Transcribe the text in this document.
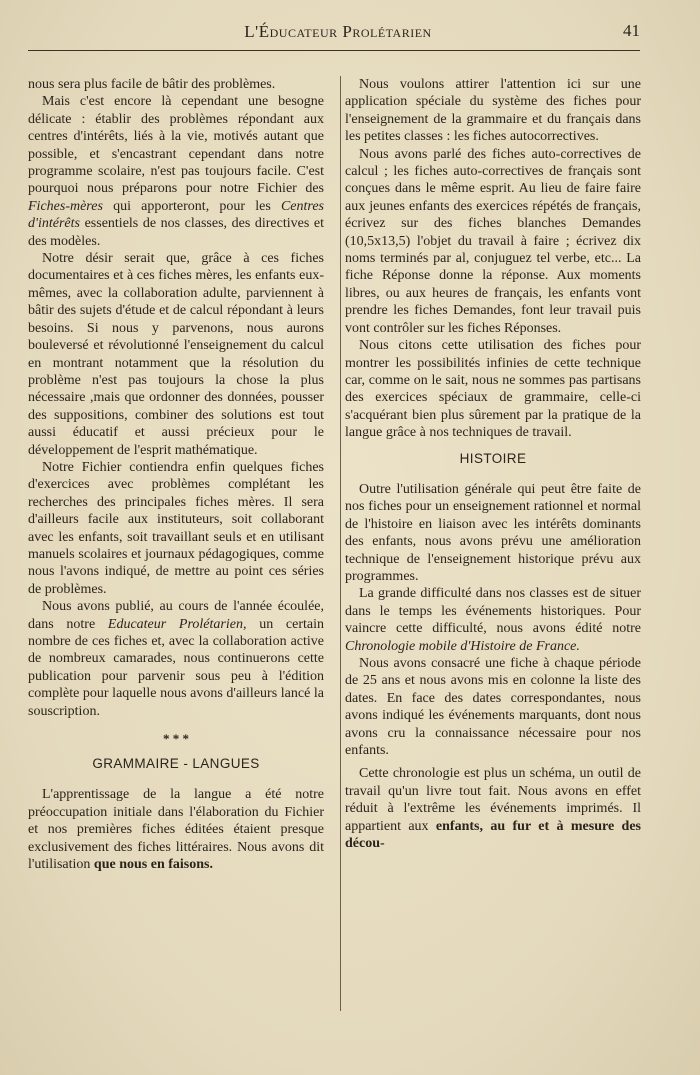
L'Éducateur Prolétarien	41

nous sera plus facile de bâtir des problèmes.

Mais c'est encore là cependant une besogne délicate : établir des problèmes répondant aux centres d'intérêts, liés à la vie, motivés autant que possible, et s'encastrant cependant dans notre programme scolaire, n'est pas toujours facile. C'est pourquoi nous préparons pour notre Fichier des Fiches-mères qui apporteront, pour les Centres d'intérêts essentiels de nos classes, des directives et des modèles.

Notre désir serait que, grâce à ces fiches documentaires et à ces fiches mères, les enfants eux-mêmes, avec la collaboration adulte, parviennent à bâtir des sujets d'étude et de calcul répondant à leurs besoins. Si nous y parvenons, nous aurons bouleversé et révolutionné l'enseignement du calcul en montrant notamment que la résolution du problème n'est pas toujours la chose la plus nécessaire ,mais que ordonner des données, pousser des suppositions, combiner des solutions est tout aussi éducatif et aussi précieux pour le développement de l'esprit mathématique.

Notre Fichier contiendra enfin quelques fiches d'exercices avec problèmes complétant les recherches des principales fiches mères. Il sera d'ailleurs facile aux instituteurs, soit collaborant avec les enfants, soit travaillant seuls et en utilisant manuels scolaires et journaux pédagogiques, comme nous l'avons indiqué, de mettre au point ces séries de problèmes.

Nous avons publié, au cours de l'année écoulée, dans notre Educateur Prolétarien, un certain nombre de ces fiches et, avec la collaboration active de nombreux camarades, nous continuerons cette publication pour parvenir sous peu à l'édition complète pour laquelle nous avons d'ailleurs lancé la souscription.

* * *
GRAMMAIRE - LANGUES

L'apprentissage de la langue a été notre préoccupation initiale dans l'élaboration du Fichier et nos premières fiches éditées étaient presque exclusivement des fiches littéraires. Nous avons dit l'utilisation que nous en faisons.

Nous voulons attirer l'attention ici sur une application spéciale du système des fiches pour l'enseignement de la grammaire et du français dans les petites classes : les fiches autocorrectives.

Nous avons parlé des fiches auto-correctives de calcul ; les fiches auto-correctives de français sont conçues dans le même esprit. Au lieu de faire faire aux jeunes enfants des exercices répétés de français, écrivez sur des fiches blanches Demandes (10,5x13,5) l'objet du travail à faire ; écrivez dix noms terminés par al, conjuguez tel verbe, etc... La fiche Réponse donne la réponse. Aux moments libres, ou aux heures de français, les enfants vont prendre les fiches Demandes, font leur travail puis vont contrôler sur les fiches Réponses.

Nous citons cette utilisation des fiches pour montrer les possibilités infinies de cette technique car, comme on le sait, nous ne sommes pas partisans des exercices spéciaux de grammaire, celle-ci s'acquérant bien plus sûrement par la pratique de la langue grâce à nos techniques de travail.

HISTOIRE

Outre l'utilisation générale qui peut être faite de nos fiches pour un enseignement rationnel et normal de l'histoire en liaison avec les intérêts dominants des enfants, nous avons prévu une amélioration technique de l'enseignement historique prévu aux programmes.

La grande difficulté dans nos classes est de situer dans le temps les événements historiques. Pour vaincre cette difficulté, nous avons édité notre Chronologie mobile d'Histoire de France.

Nous avons consacré une fiche à chaque période de 25 ans et nous avons mis en colonne la liste des dates. En face des dates correspondantes, nous avons indiqué les événements marquants, dont nous avons cru la connaissance nécessaire pour nos enfants.

Cette chronologie est plus un schéma, un outil de travail qu'un livre tout fait. Nous avons en effet réduit à l'extrême les événements imprimés. Il appartient aux enfants, au fur et à mesure des décou-
